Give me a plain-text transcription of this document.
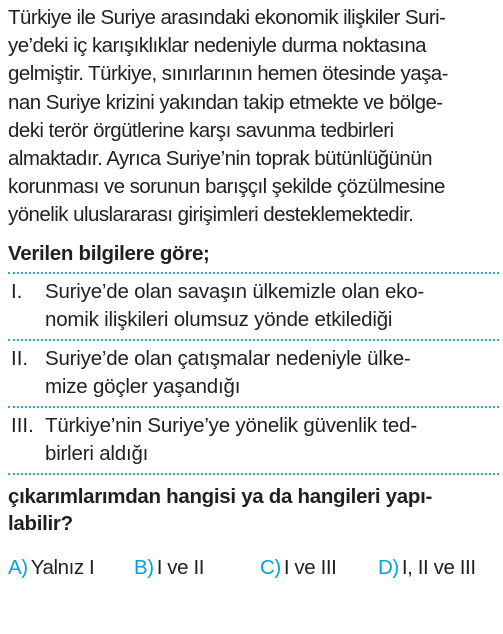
Türkiye ile Suriye arasındaki ekonomik ilişkiler Suri-
ye’deki iç karışıklıklar nedeniyle durma noktasına
gelmiştir. Türkiye, sınırlarının hemen ötesinde yaşa-
nan Suriye krizini yakından takip etmekte ve bölge-
deki terör örgütlerine karşı savunma tedbirleri
almaktadır. Ayrıca Suriye’nin toprak bütünlüğünün
korunması ve sorunun barışçıl şekilde çözülmesine
yönelik uluslararası girişimleri desteklemektedir.
Verilen bilgilere göre;
I.	Suriye’de olan savaşın ülkemizle olan eko-
nomik ilişkileri olumsuz yönde etkilediği
II. Suriye’de olan çatışmalar nedeniyle ülke-
mize göçler yaşandığı
III. Türkiye’nin Suriye’ye yönelik güvenlik ted-
birleri aldığı
çıkarımlarımdan hangisi ya da hangileri yapı-
labilir?
A) Yalnız I	B) I ve II	C) I ve III	D) I, II ve III
